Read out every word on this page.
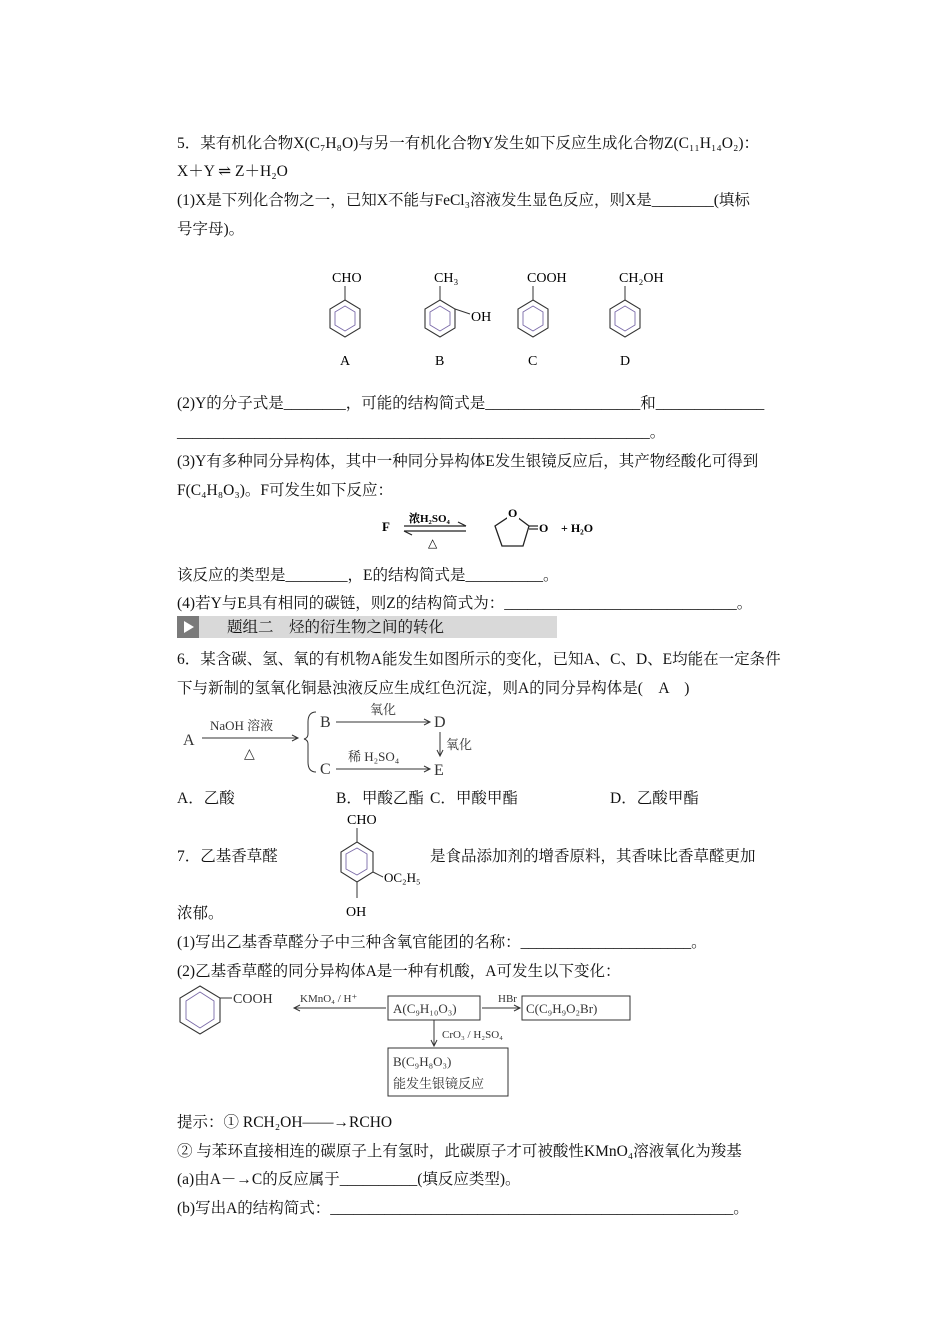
5．某有机化合物X(C₇H₈O)与另一有机化合物Y发生如下反应生成化合物Z(C₁₁H₁₄O₂)：
X＋Y ⇌ Z＋H₂O
(1)X是下列化合物之一，已知X不能与FeCl₃溶液发生显色反应，则X是________(填标
号字母)。
CHO
A
CH₃
OH
B
COOH
C
CH₂OH
D
(2)Y的分子式是________，可能的结构简式是____________________和______________
_____________________________________________________________。
(3)Y有多种同分异构体，其中一种同分异构体E发生银镜反应后，其产物经酸化可得到
F(C₄H₈O₃)。F可发生如下反应：
F 浓H₂SO₄
△
O
O + H₂O
该反应的类型是________，E的结构简式是__________。
(4)若Y与E具有相同的碳链，则Z的结构简式为：______________________________。
题组二　烃的衍生物之间的转化
6．某含碳、氢、氧的有机物A能发生如图所示的变化，已知A、C、D、E均能在一定条件
下与新制的氢氧化铜悬浊液反应生成红色沉淀，则A的同分异构体是(　A　)
A
NaOH 溶液
△
B
C
氧化
D
氧化
稀 H₂SO₄
E
A．乙酸	B．甲酸乙酯 C．甲酸甲酯	D．乙酸甲酯
7．乙基香草醛	是食品添加剂的增香原料，其香味比香草醛更加
CHO
OC₂H₅
OH
浓郁。
(1)写出乙基香草醛分子中三种含氧官能团的名称：______________________。
(2)乙基香草醛的同分异构体A是一种有机酸，A可发生以下变化：
COOH KMnO₄ / H⁺
A(C₉H₁₀O₃)
HBr
C(C₉H₉O₂Br)
CrO₃ / H₂SO₄
B(C₉H₈O₃)
能发生银镜反应
提示：① RCH₂OH——→RCHO
② 与苯环直接相连的碳原子上有氢时，此碳原子才可被酸性KMnO₄溶液氧化为羧基
(a)由A－→C的反应属于__________(填反应类型)。
(b)写出A的结构简式：____________________________________________________。
